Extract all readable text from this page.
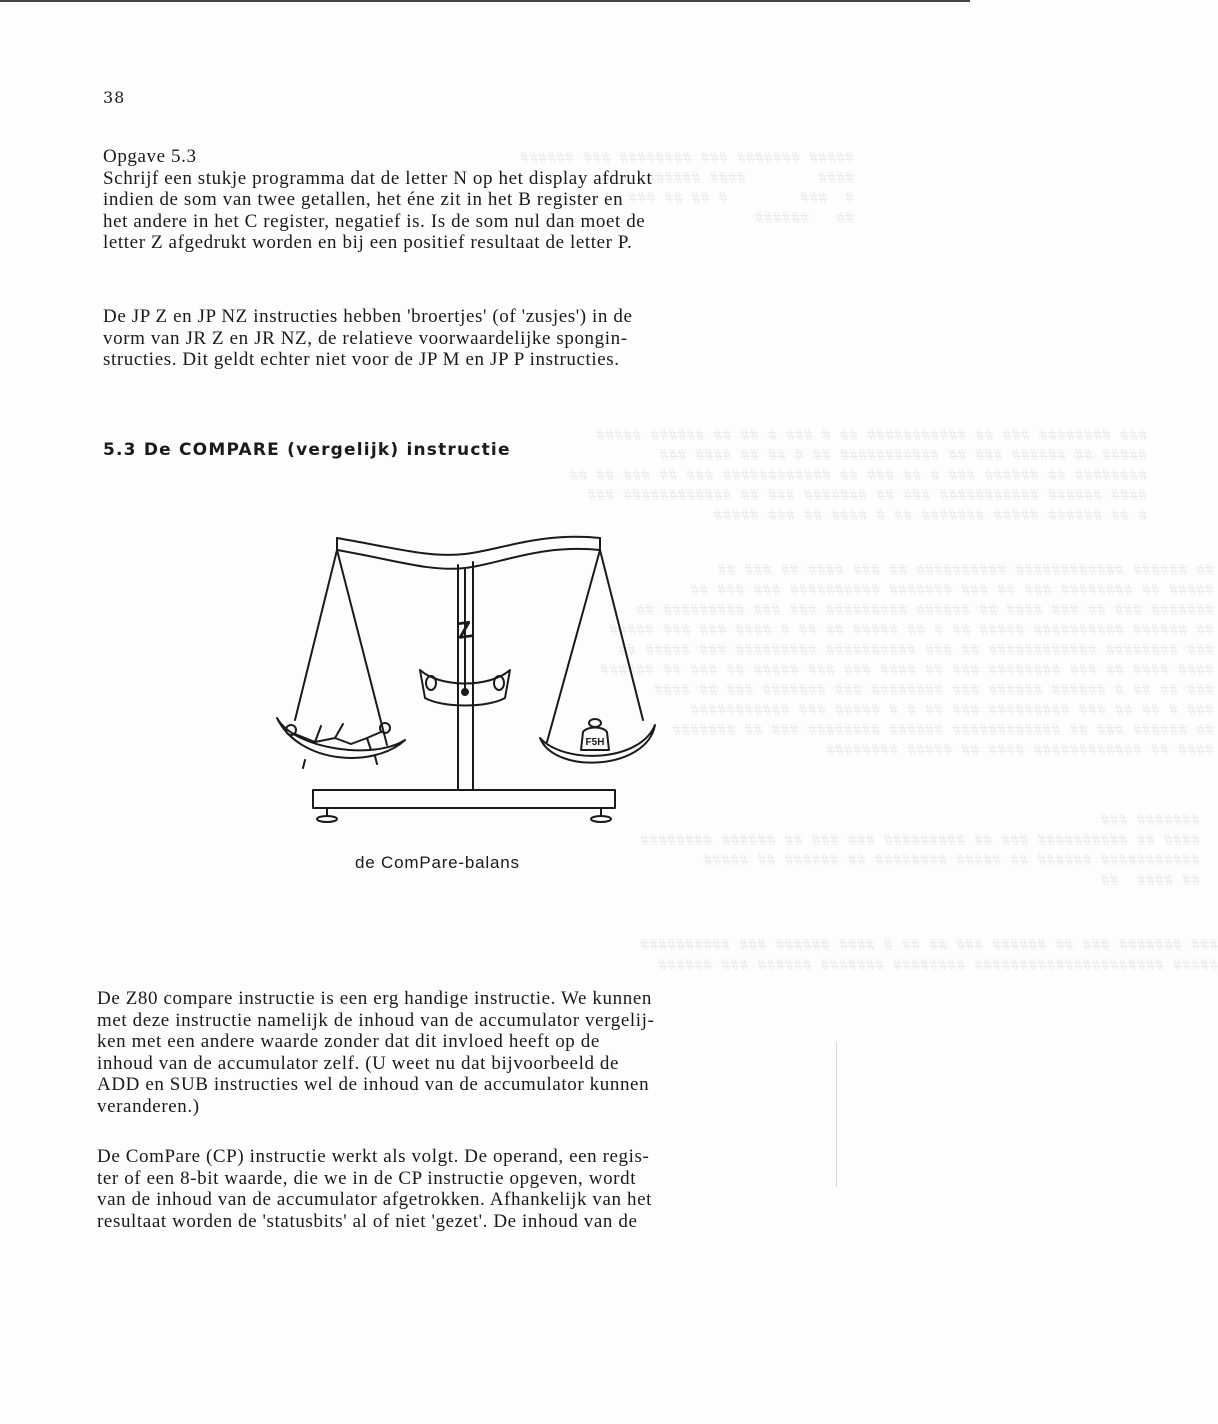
##### ####### ### ######## ### ######
####        #### ######  ###
#  ###        # ## ## ###
##   ######
### ######## ### ## ########### ## # ### # ## ## ###### #####
##### ## ###### ### ## ########### ## # ## ## #### ###
######## ## ###### ### # ## ### ## ############ ### ## ### ## ##
#### ###### ########### ### ## ####### ### ## ############ ###
# ## ###### ##### ####### ## # #### ## ### #####
## ###### ############ ########## ## ### #### ## ### ##
##### ## ######## ### ## ### ####### ########## ### ### ##
####### ### ## ### #### ## ###### ######### ### ### ######### ##
## ###### ########## ##### ## # ## ##### ## ## # #### ### ### #####
### ######## ############ ## ### ########## ######### ### ##### ##
#### #### ## ### ######## ### ## #### ### ### ##### ## ### ## ######
### ## ## # ###### ###### ### ######## ### ####### ### ## ####
### # ## ## ### ######### ### ## # # ##### ### ###########
## ###### ### ## ############ ###### ######## ### ## #######
#### ## ############ #### ## ##### ########
####### ###
#### ## ########## ### ## ######### ### ### ## ###### ########
########### ###### ## ##### ######## ## ###### ## #####
## ####  ##
### ####### ### ## ###### ### ## ## # #### ###### ### ##########
##### ##################### ######## ####### ###### ### ######
38
Opgave 5.3
Schrijf een stukje programma dat de letter N op het display afdrukt
indien de som van twee getallen, het éne zit in het B register en
het andere in het C register, negatief is. Is de som nul dan moet de
letter Z afgedrukt worden en bij een positief resultaat de letter P.
De JP Z en JP NZ instructies hebben 'broertjes' (of 'zusjes') in de
vorm van JR Z en JR NZ, de relatieve voorwaardelijke spongin-
structies. Dit geldt echter niet voor de JP M en JP P instructies.
5.3 De COMPARE (vergelijk) instructie
Z
F5H
de ComPare-balans
De Z80 compare instructie is een erg handige instructie. We kunnen
met deze instructie namelijk de inhoud van de accumulator vergelij-
ken met een andere waarde zonder dat dit invloed heeft op de
inhoud van de accumulator zelf. (U weet nu dat bijvoorbeeld de
ADD en SUB instructies wel de inhoud van de accumulator kunnen
veranderen.)
De ComPare (CP) instructie werkt als volgt. De operand, een regis-
ter of een 8-bit waarde, die we in de CP instructie opgeven, wordt
van de inhoud van de accumulator afgetrokken. Afhankelijk van het
resultaat worden de 'statusbits' al of niet 'gezet'. De inhoud van de
